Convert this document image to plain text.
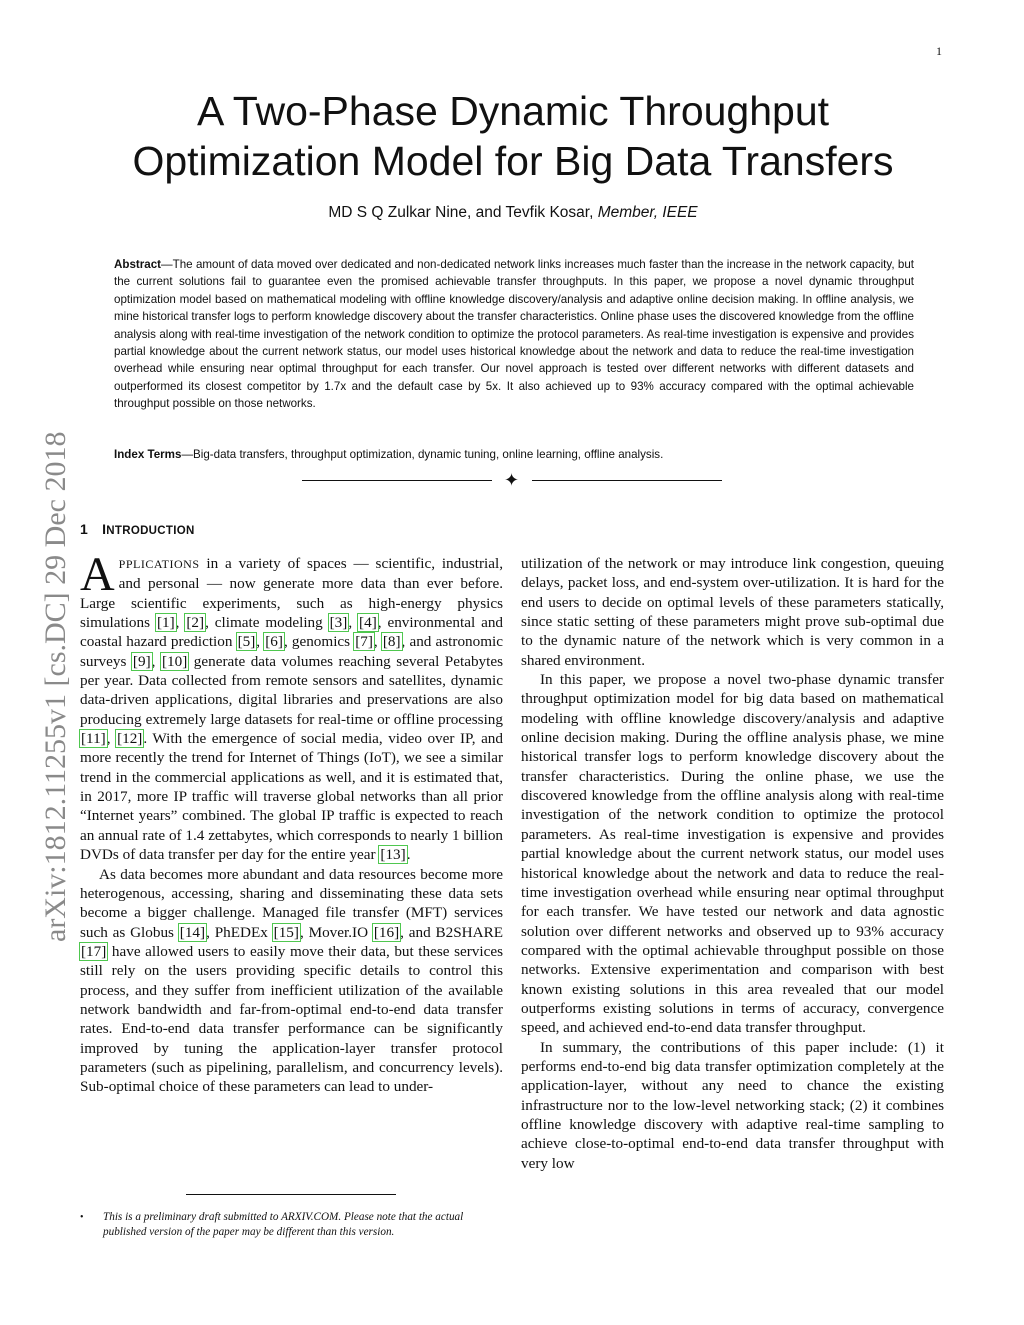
1
arXiv:1812.11255v1 [cs.DC] 29 Dec 2018
A Two-Phase Dynamic Throughput Optimization Model for Big Data Transfers
MD S Q Zulkar Nine, and Tevfik Kosar, Member, IEEE
Abstract—The amount of data moved over dedicated and non-dedicated network links increases much faster than the increase in the network capacity, but the current solutions fail to guarantee even the promised achievable transfer throughputs. In this paper, we propose a novel dynamic throughput optimization model based on mathematical modeling with offline knowledge discovery/analysis and adaptive online decision making. In offline analysis, we mine historical transfer logs to perform knowledge discovery about the transfer characteristics. Online phase uses the discovered knowledge from the offline analysis along with real-time investigation of the network condition to optimize the protocol parameters. As real-time investigation is expensive and provides partial knowledge about the current network status, our model uses historical knowledge about the network and data to reduce the real-time investigation overhead while ensuring near optimal throughput for each transfer. Our novel approach is tested over different networks with different datasets and outperformed its closest competitor by 1.7x and the default case by 5x. It also achieved up to 93% accuracy compared with the optimal achievable throughput possible on those networks.
Index Terms—Big-data transfers, throughput optimization, dynamic tuning, online learning, offline analysis.
✦
1 INTRODUCTION

APPLICATIONS in a variety of spaces — scientific, industrial, and personal — now generate more data than ever before. Large scientific experiments, such as high-energy physics simulations [1], [2], climate modeling [3], [4], environmental and coastal hazard prediction [5], [6], genomics [7], [8], and astronomic surveys [9], [10] generate data volumes reaching several Petabytes per year. Data collected from remote sensors and satellites, dynamic data-driven applications, digital libraries and preservations are also producing extremely large datasets for real-time or offline processing [11], [12]. With the emergence of social media, video over IP, and more recently the trend for Internet of Things (IoT), we see a similar trend in the commercial applications as well, and it is estimated that, in 2017, more IP traffic will traverse global networks than all prior “Internet years” combined. The global IP traffic is expected to reach an annual rate of 1.4 zettabytes, which corresponds to nearly 1 billion DVDs of data transfer per day for the entire year [13].

As data becomes more abundant and data resources become more heterogenous, accessing, sharing and disseminating these data sets become a bigger challenge. Managed file transfer (MFT) services such as Globus [14], PhEDEx [15], Mover.IO [16], and B2SHARE [17] have allowed users to easily move their data, but these services still rely on the users providing specific details to control this process, and they suffer from inefficient utilization of the available network bandwidth and far-from-optimal end-to-end data transfer rates. End-to-end data transfer performance can be significantly improved by tuning the application-layer transfer protocol parameters (such as pipelining, parallelism, and concurrency levels). Sub-optimal choice of these parameters can lead to under-

utilization of the network or may introduce link congestion, queuing delays, packet loss, and end-system over-utilization. It is hard for the end users to decide on optimal levels of these parameters statically, since static setting of these parameters might prove sub-optimal due to the dynamic nature of the network which is very common in a shared environment.

In this paper, we propose a novel two-phase dynamic transfer throughput optimization model for big data based on mathematical modeling with offline knowledge discovery/analysis and adaptive online decision making. During the offline analysis phase, we mine historical transfer logs to perform knowledge discovery about the transfer characteristics. During the online phase, we use the discovered knowledge from the offline analysis along with real-time investigation of the network condition to optimize the protocol parameters. As real-time investigation is expensive and provides partial knowledge about the current network status, our model uses historical knowledge about the network and data to reduce the real-time investigation overhead while ensuring near optimal throughput for each transfer. We have tested our network and data agnostic solution over different networks and observed up to 93% accuracy compared with the optimal achievable throughput possible on those networks. Extensive experimentation and comparison with best known existing solutions in this area revealed that our model outperforms existing solutions in terms of accuracy, convergence speed, and achieved end-to-end data transfer throughput.

In summary, the contributions of this paper include: (1) it performs end-to-end big data transfer optimization completely at the application-layer, without any need to chance the existing infrastructure nor to the low-level networking stack; (2) it combines offline knowledge discovery with adaptive real-time sampling to achieve close-to-optimal end-to-end data transfer throughput with very low

• This is a preliminary draft submitted to ARXIV.COM. Please note that the actual published version of the paper may be different than this version.
